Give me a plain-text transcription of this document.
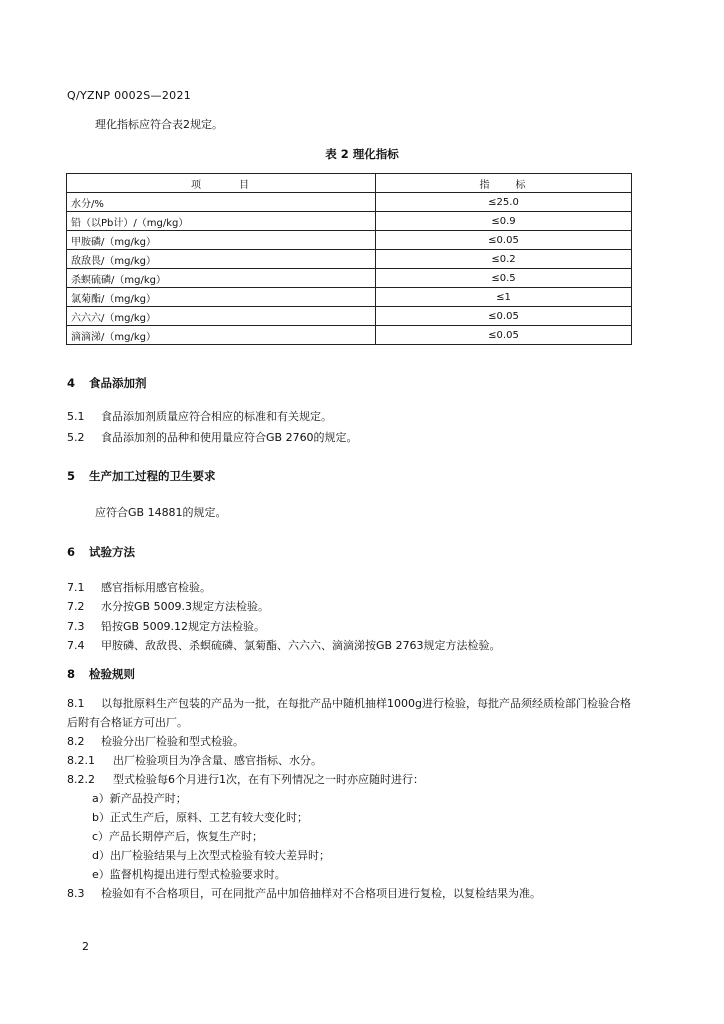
Q/YZNP 0002S—2021
理化指标应符合表2规定。
表 2 理化指标
项　　　目	指　　标
水分/%	≤25.0
铅（以Pb计）/（mg/kg）	≤0.9
甲胺磷/（mg/kg）	≤0.05
敌敌畏/（mg/kg）	≤0.2
杀螟硫磷/（mg/kg）	≤0.5
氯菊酯/（mg/kg）	≤1
六六六/（mg/kg）	≤0.05
滴滴涕/（mg/kg）	≤0.05
4 食品添加剂
5.1 食品添加剂质量应符合相应的标准和有关规定。
5.2 食品添加剂的品种和使用量应符合GB 2760的规定。
5 生产加工过程的卫生要求
应符合GB 14881的规定。
6 试验方法
7.1 感官指标用感官检验。
7.2 水分按GB 5009.3规定方法检验。
7.3 铅按GB 5009.12规定方法检验。
7.4 甲胺磷、敌敌畏、杀螟硫磷、氯菊酯、六六六、滴滴涕按GB 2763规定方法检验。
8 检验规则
8.1 以每批原料生产包装的产品为一批，在每批产品中随机抽样1000g进行检验，每批产品须经质检部门检验合格后附有合格证方可出厂。
8.2 检验分出厂检验和型式检验。
8.2.1 出厂检验项目为净含量、感官指标、水分。
8.2.2 型式检验每6个月进行1次，在有下列情况之一时亦应随时进行：
a）新产品投产时；
b）正式生产后，原料、工艺有较大变化时；
c）产品长期停产后，恢复生产时；
d）出厂检验结果与上次型式检验有较大差异时；
e）监督机构提出进行型式检验要求时。
8.3 检验如有不合格项目，可在同批产品中加倍抽样对不合格项目进行复检，以复检结果为准。
2
